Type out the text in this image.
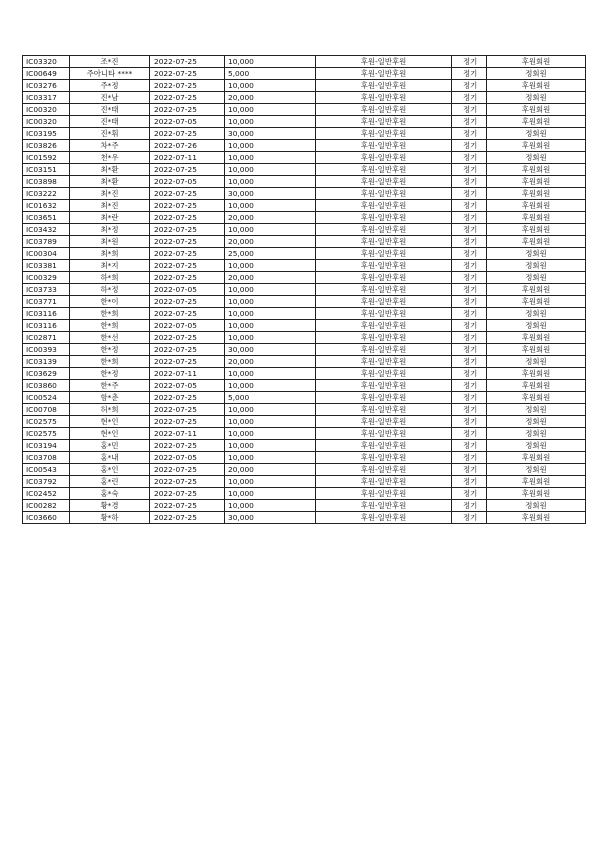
IC03320	조*진	2022-07-25	10,000	후원-일반후원	정기	후원회원
IC00649	주아니타 ****	2022-07-25	5,000	후원-일반후원	정기	정회원
IC03276	주*정	2022-07-25	10,000	후원-일반후원	정기	후원회원
IC03317	진*남	2022-07-25	20,000	후원-일반후원	정기	정회원
IC00320	진*태	2022-07-25	10,000	후원-일반후원	정기	후원회원
IC00320	진*태	2022-07-05	10,000	후원-일반후원	정기	후원회원
IC03195	진*휘	2022-07-25	30,000	후원-일반후원	정기	정회원
IC03826	차*주	2022-07-26	10,000	후원-일반후원	정기	후원회원
IC01592	천*우	2022-07-11	10,000	후원-일반후원	정기	정회원
IC03151	최*환	2022-07-25	10,000	후원-일반후원	정기	후원회원
IC03898	최*환	2022-07-05	10,000	후원-일반후원	정기	후원회원
IC03222	최*진	2022-07-25	30,000	후원-일반후원	정기	후원회원
IC01632	최*진	2022-07-25	10,000	후원-일반후원	정기	후원회원
IC03651	최*란	2022-07-25	20,000	후원-일반후원	정기	후원회원
IC03432	최*정	2022-07-25	10,000	후원-일반후원	정기	후원회원
IC03789	최*원	2022-07-25	20,000	후원-일반후원	정기	후원회원
IC00304	최*희	2022-07-25	25,000	후원-일반후원	정기	정회원
IC03381	최*지	2022-07-25	10,000	후원-일반후원	정기	정회원
IC00329	하*희	2022-07-25	20,000	후원-일반후원	정기	정회원
IC03733	하*정	2022-07-05	10,000	후원-일반후원	정기	후원회원
IC03771	한*이	2022-07-25	10,000	후원-일반후원	정기	후원회원
IC03116	한*희	2022-07-25	10,000	후원-일반후원	정기	정회원
IC03116	한*희	2022-07-05	10,000	후원-일반후원	정기	정회원
IC02871	한*선	2022-07-25	10,000	후원-일반후원	정기	후원회원
IC00393	한*정	2022-07-25	30,000	후원-일반후원	정기	후원회원
IC03139	한*희	2022-07-25	20,000	후원-일반후원	정기	정회원
IC03629	한*정	2022-07-11	10,000	후원-일반후원	정기	후원회원
IC03860	한*주	2022-07-05	10,000	후원-일반후원	정기	후원회원
IC00524	함*춘	2022-07-25	5,000	후원-일반후원	정기	후원회원
IC00708	허*희	2022-07-25	10,000	후원-일반후원	정기	정회원
IC02575	현*인	2022-07-25	10,000	후원-일반후원	정기	정회원
IC02575	현*인	2022-07-11	10,000	후원-일반후원	정기	정회원
IC03194	홍*민	2022-07-25	10,000	후원-일반후원	정기	정회원
IC03708	홍*내	2022-07-05	10,000	후원-일반후원	정기	후원회원
IC00543	홍*인	2022-07-25	20,000	후원-일반후원	정기	정회원
IC03792	홍*린	2022-07-25	10,000	후원-일반후원	정기	후원회원
IC02452	홍*숙	2022-07-25	10,000	후원-일반후원	정기	후원회원
IC00282	황*경	2022-07-25	10,000	후원-일반후원	정기	정회원
IC03660	황*하	2022-07-25	30,000	후원-일반후원	정기	후원회원
